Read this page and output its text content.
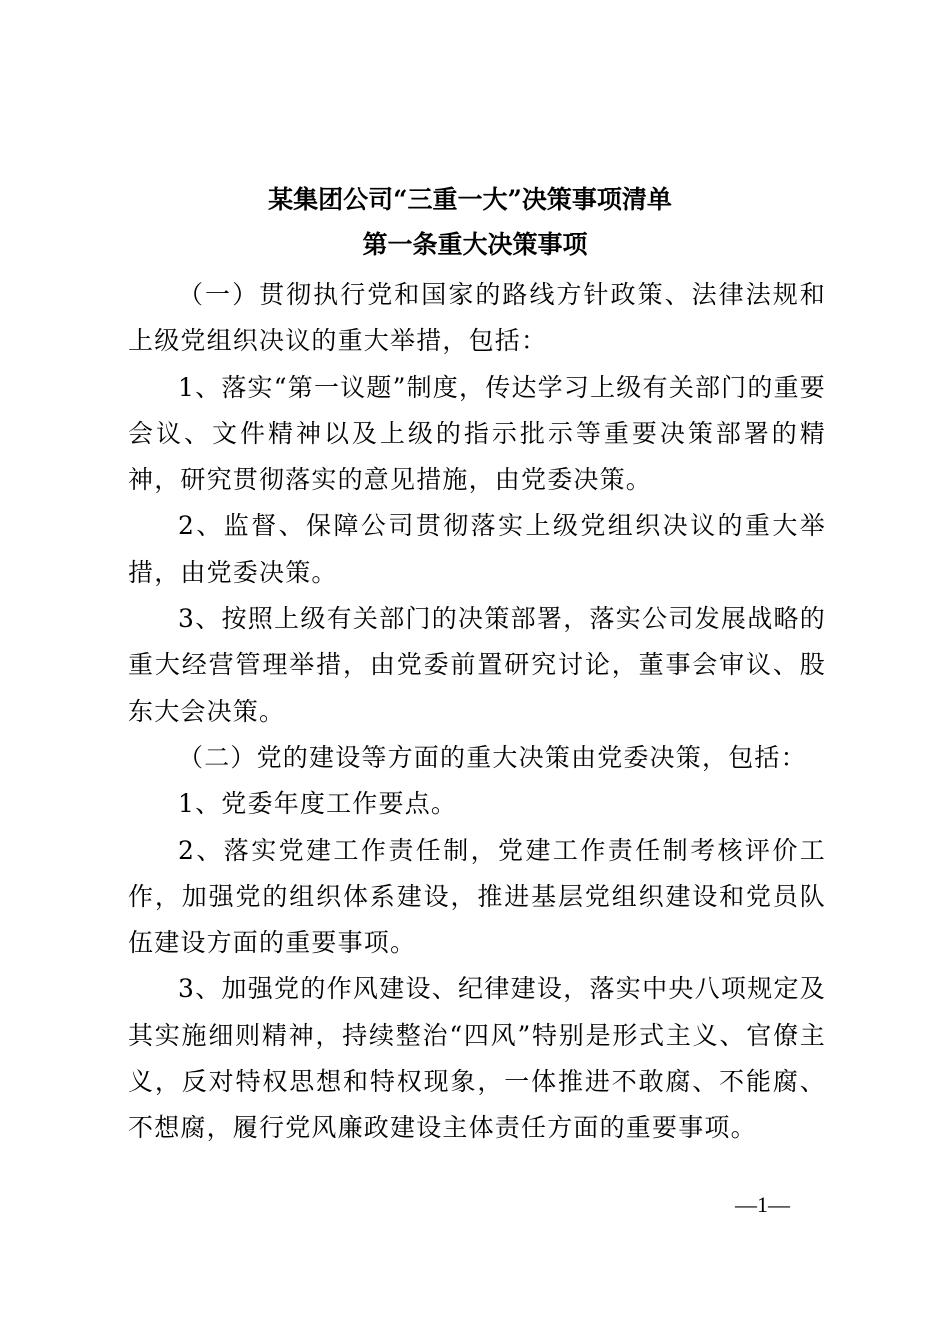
某集团公司“三重一大”决策事项清单
第一条重大决策事项

（一）贯彻执行党和国家的路线方针政策、法律法规和上级党组织决议的重大举措，包括：

1、落实“第一议题”制度，传达学习上级有关部门的重要会议、文件精神以及上级的指示批示等重要决策部署的精神，研究贯彻落实的意见措施，由党委决策。

2、监督、保障公司贯彻落实上级党组织决议的重大举措，由党委决策。

3、按照上级有关部门的决策部署，落实公司发展战略的重大经营管理举措，由党委前置研究讨论，董事会审议、股东大会决策。

（二）党的建设等方面的重大决策由党委决策，包括：

1、党委年度工作要点。

2、落实党建工作责任制，党建工作责任制考核评价工作，加强党的组织体系建设，推进基层党组织建设和党员队伍建设方面的重要事项。

3、加强党的作风建设、纪律建设，落实中央八项规定及其实施细则精神，持续整治“四风”特别是形式主义、官僚主义，反对特权思想和特权现象，一体推进不敢腐、不能腐、不想腐，履行党风廉政建设主体责任方面的重要事项。

—1—
